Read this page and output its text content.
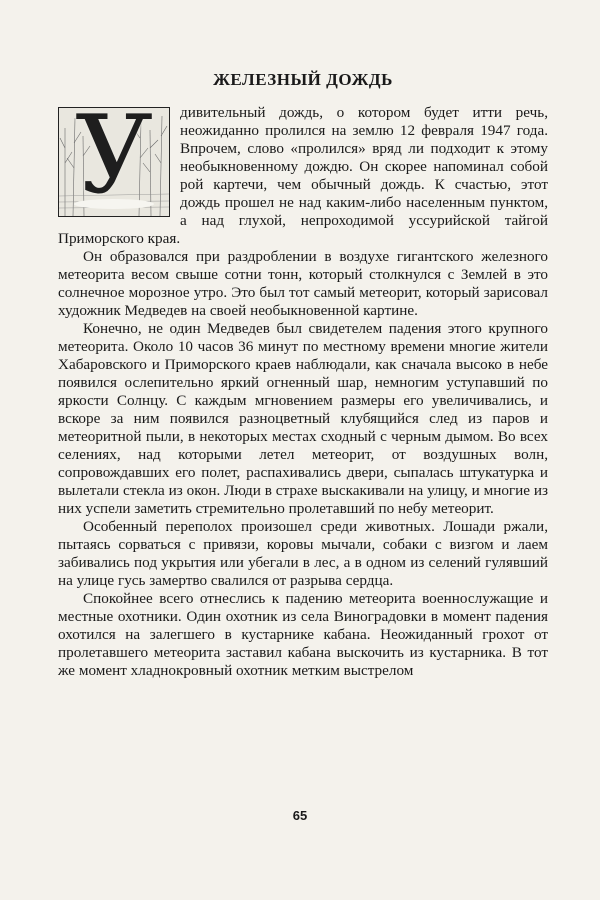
ЖЕЛЕЗНЫЙ ДОЖДЬ
У	дивительный дождь, о котором будет итти речь, неожиданно пролился на землю 12 февраля 1947 года. Впрочем, слово «пролился» вряд ли подходит к этому необыкновенному дождю. Он скорее напоминал собой рой картечи, чем обычный дождь. К счастью, этот дождь прошел не над каким-либо населенным пунктом, а над глухой, непроходимой уссурийской тайгой Приморского края.

Он образовался при раздроблении в воздухе гигантского железного метеорита весом свыше сотни тонн, который столкнулся с Землей в это солнечное морозное утро. Это был тот самый метеорит, который зарисовал художник Медведев на своей необыкновенной картине.

Конечно, не один Медведев был свидетелем падения этого крупного метеорита. Около 10 часов 36 минут по местному времени многие жители Хабаровского и Приморского краев наблюдали, как сначала высоко в небе появился ослепительно яркий огненный шар, немногим уступавший по яркости Солнцу. С каждым мгновением размеры его увеличивались, и вскоре за ним появился разноцветный клубящийся след из паров и метеоритной пыли, в некоторых местах сходный с черным дымом. Во всех селениях, над которыми летел метеорит, от воздушных волн, сопровождавших его полет, распахивались двери, сыпалась штукатурка и вылетали стекла из окон. Люди в страхе выскакивали на улицу, и многие из них успели заметить стремительно пролетавший по небу метеорит.

Особенный переполох произошел среди животных. Лошади ржали, пытаясь сорваться с привязи, коровы мычали, собаки с визгом и лаем забивались под укрытия или убегали в лес, а в одном из селений гулявший на улице гусь замертво свалился от разрыва сердца.

Спокойнее всего отнеслись к падению метеорита военнослужащие и местные охотники. Один охотник из села Виноградовки в момент падения охотился на залегшего в кустарнике кабана. Неожиданный грохот от пролетавшего метеорита заставил кабана выскочить из кустарника. В тот же момент хладнокровный охотник метким выстрелом

65
